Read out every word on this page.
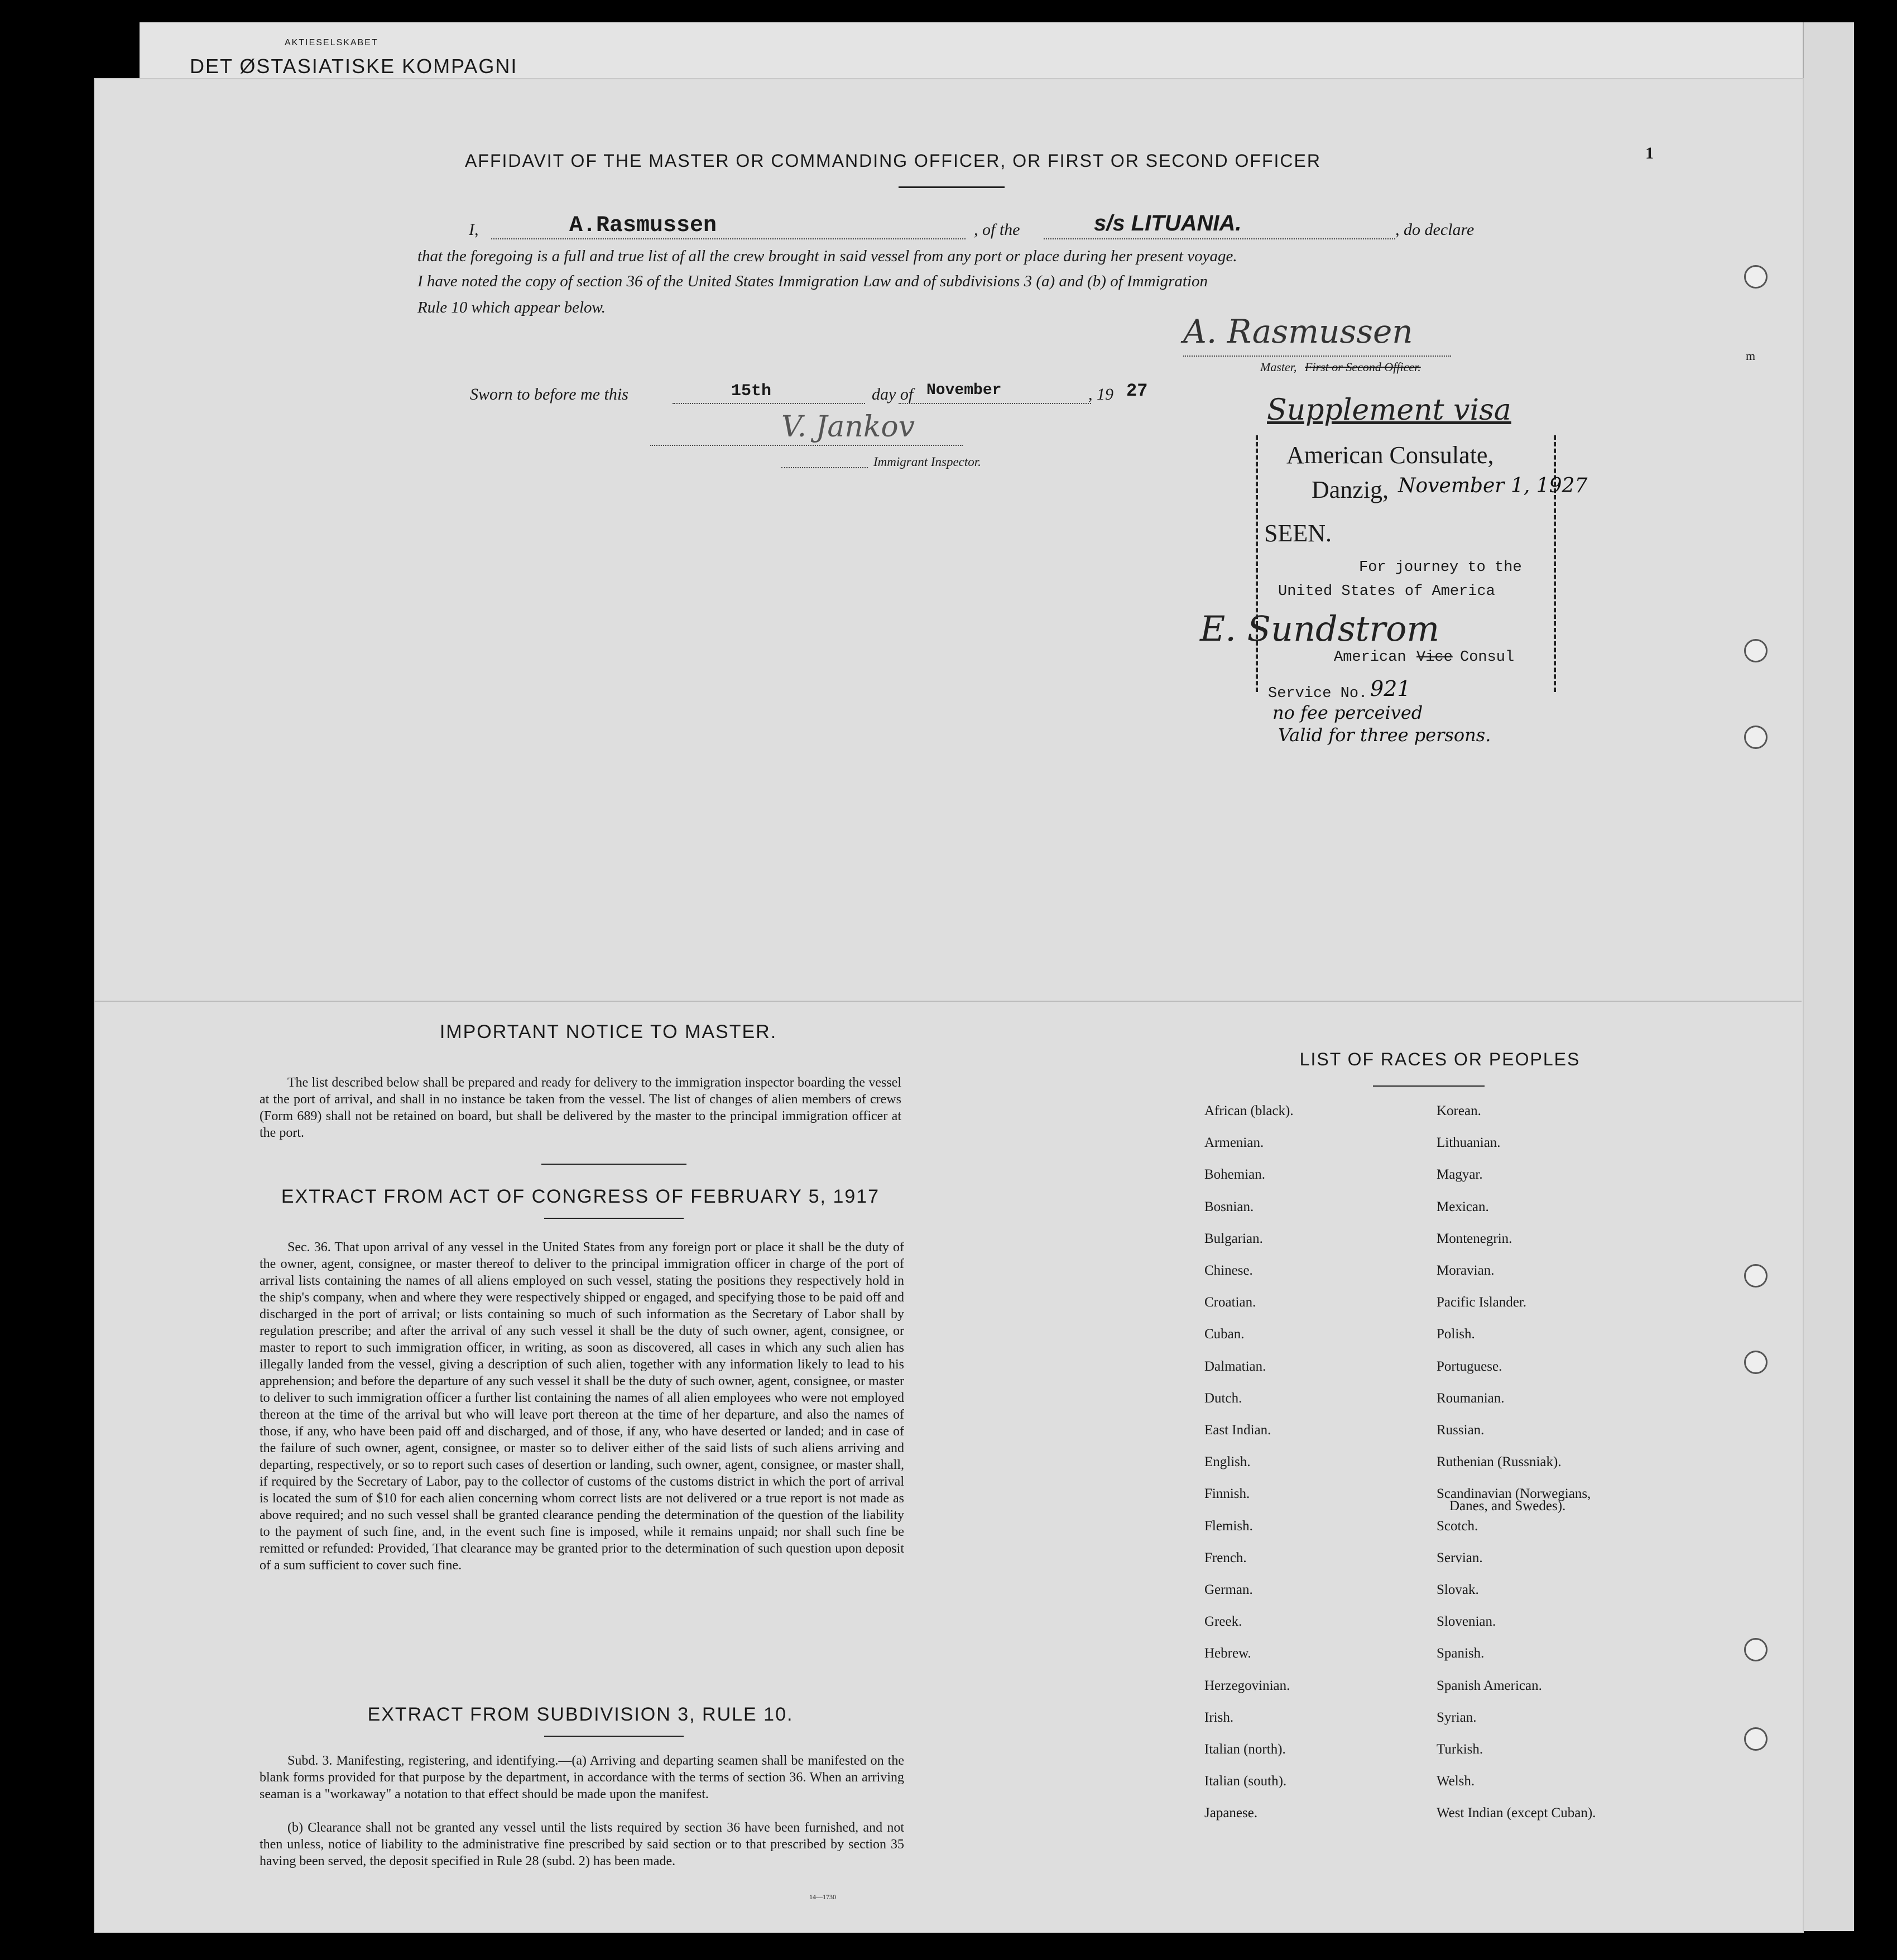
AKTIESELSKABET
DET ØSTASIATISKE KOMPAGNI
1
m
AFFIDAVIT OF THE MASTER OR COMMANDING OFFICER, OR FIRST OR SECOND OFFICER
I,	A.Rasmussen	, of the	s/s LITUANIA.	, do declare
that the foregoing is a full and true list of all the crew brought in said vessel from any port or place during her present voyage.
I have noted the copy of section 36 of the United States Immigration Law and of subdivisions 3 (a) and (b) of Immigration
Rule 10 which appear below.
A. Rasmussen
Master, First or Second Officer.
Sworn to before me this	15th	day of November	, 19 27
V. Jankov
Immigrant Inspector.
Supplement visa
American Consulate,
Danzig, November 1, 1927
SEEN.
For journey to the
United States of America
E. Sundstrom
American Vice Consul
Service No. 921
no fee perceived
Valid for three persons.
IMPORTANT NOTICE TO MASTER.
The list described below shall be prepared and ready for delivery to the immigration inspector boarding the vessel at the port of arrival, and shall in no instance be taken from the vessel. The list of changes of alien members of crews (Form 689) shall not be retained on board, but shall be delivered by the master to the principal immigration officer at the port.
EXTRACT FROM ACT OF CONGRESS OF FEBRUARY 5, 1917
Sec. 36. That upon arrival of any vessel in the United States from any foreign port or place it shall be the duty of the owner, agent, consignee, or master thereof to deliver to the principal immigration officer in charge of the port of arrival lists containing the names of all aliens employed on such vessel, stating the positions they respectively hold in the ship's company, when and where they were respectively shipped or engaged, and specifying those to be paid off and discharged in the port of arrival; or lists containing so much of such information as the Secretary of Labor shall by regulation prescribe; and after the arrival of any such vessel it shall be the duty of such owner, agent, consignee, or master to report to such immigration officer, in writing, as soon as discovered, all cases in which any such alien has illegally landed from the vessel, giving a description of such alien, together with any information likely to lead to his apprehension; and before the departure of any such vessel it shall be the duty of such owner, agent, consignee, or master to deliver to such immigration officer a further list containing the names of all alien employees who were not employed thereon at the time of the arrival but who will leave port thereon at the time of her departure, and also the names of those, if any, who have been paid off and discharged, and of those, if any, who have deserted or landed; and in case of the failure of such owner, agent, consignee, or master so to deliver either of the said lists of such aliens arriving and departing, respectively, or so to report such cases of desertion or landing, such owner, agent, consignee, or master shall, if required by the Secretary of Labor, pay to the collector of customs of the customs district in which the port of arrival is located the sum of $10 for each alien concerning whom correct lists are not delivered or a true report is not made as above required; and no such vessel shall be granted clearance pending the determination of the question of the liability to the payment of such fine, and, in the event such fine is imposed, while it remains unpaid; nor shall such fine be remitted or refunded: Provided, That clearance may be granted prior to the determination of such question upon deposit of a sum sufficient to cover such fine.
EXTRACT FROM SUBDIVISION 3, RULE 10.
Subd. 3. Manifesting, registering, and identifying.—(a) Arriving and departing seamen shall be manifested on the blank forms provided for that purpose by the department, in accordance with the terms of section 36. When an arriving seaman is a "workaway" a notation to that effect should be made upon the manifest.
(b) Clearance shall not be granted any vessel until the lists required by section 36 have been furnished, and not then unless, notice of liability to the administrative fine prescribed by said section or to that prescribed by section 35 having been served, the deposit specified in Rule 28 (subd. 2) has been made.
14—1730
LIST OF RACES OR PEOPLES
African (black).
Armenian.
Bohemian.
Bosnian.
Bulgarian.
Chinese.
Croatian.
Cuban.
Dalmatian.
Dutch.
East Indian.
English.
Finnish.
Flemish.
French.
German.
Greek.
Hebrew.
Herzegovinian.
Irish.
Italian (north).
Italian (south).
Japanese.
Korean.
Lithuanian.
Magyar.
Mexican.
Montenegrin.
Moravian.
Pacific Islander.
Polish.
Portuguese.
Roumanian.
Russian.
Ruthenian (Russniak).
Scandinavian (Norwegians,
Scotch.
Servian.
Slovak.
Slovenian.
Spanish.
Spanish American.
Syrian.
Turkish.
Welsh.
West Indian (except Cuban).
Danes, and Swedes).
